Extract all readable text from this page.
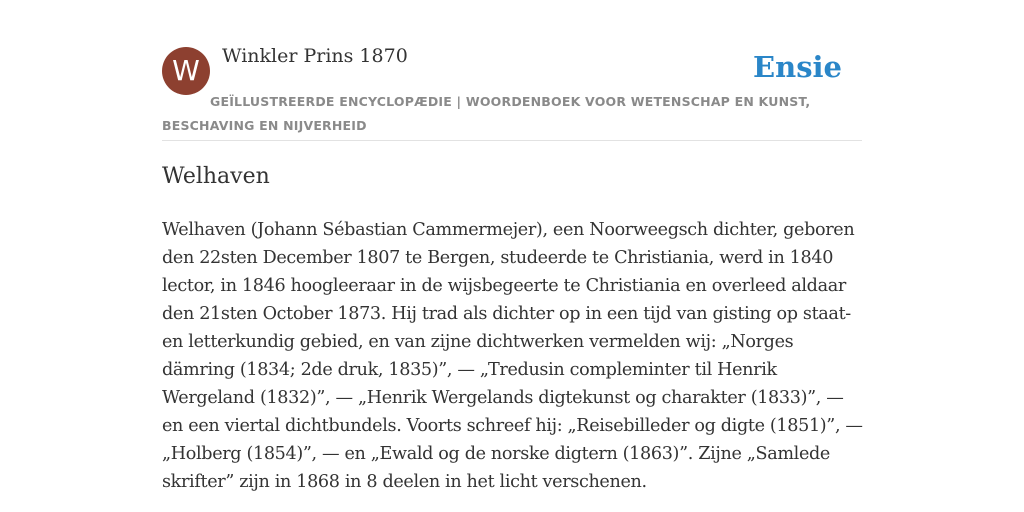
W	Winkler Prins 1870	Ensie
GEÏLLUSTREERDE ENCYCLOPÆDIE | WOORDENBOEK VOOR WETENSCHAP EN KUNST, BESCHAVING EN NIJVERHEID
Welhaven

Welhaven (Johann Sébastian Cammermejer), een Noorweegsch dichter, geboren den 22sten December 1807 te Bergen, studeerde te Christiania, werd in 1840 lector, in 1846 hoogleeraar in de wijsbegeerte te Christiania en overleed aldaar den 21sten October 1873. Hij trad als dichter op in een tijd van gisting op staat- en letterkundig gebied, en van zijne dichtwerken vermelden wij: „Norges dämring (1834; 2de druk, 1835)”, — „Tredusin compleminter til Henrik Wergeland (1832)”, — „Henrik Wergelands digtekunst og charakter (1833)”, — en een viertal dichtbundels. Voorts schreef hij: „Reisebilleder og digte (1851)”, — „Holberg (1854)”, — en „Ewald og de norske digtern (1863)”. Zijne „Samlede skrifter” zijn in 1868 in 8 deelen in het licht verschenen.
